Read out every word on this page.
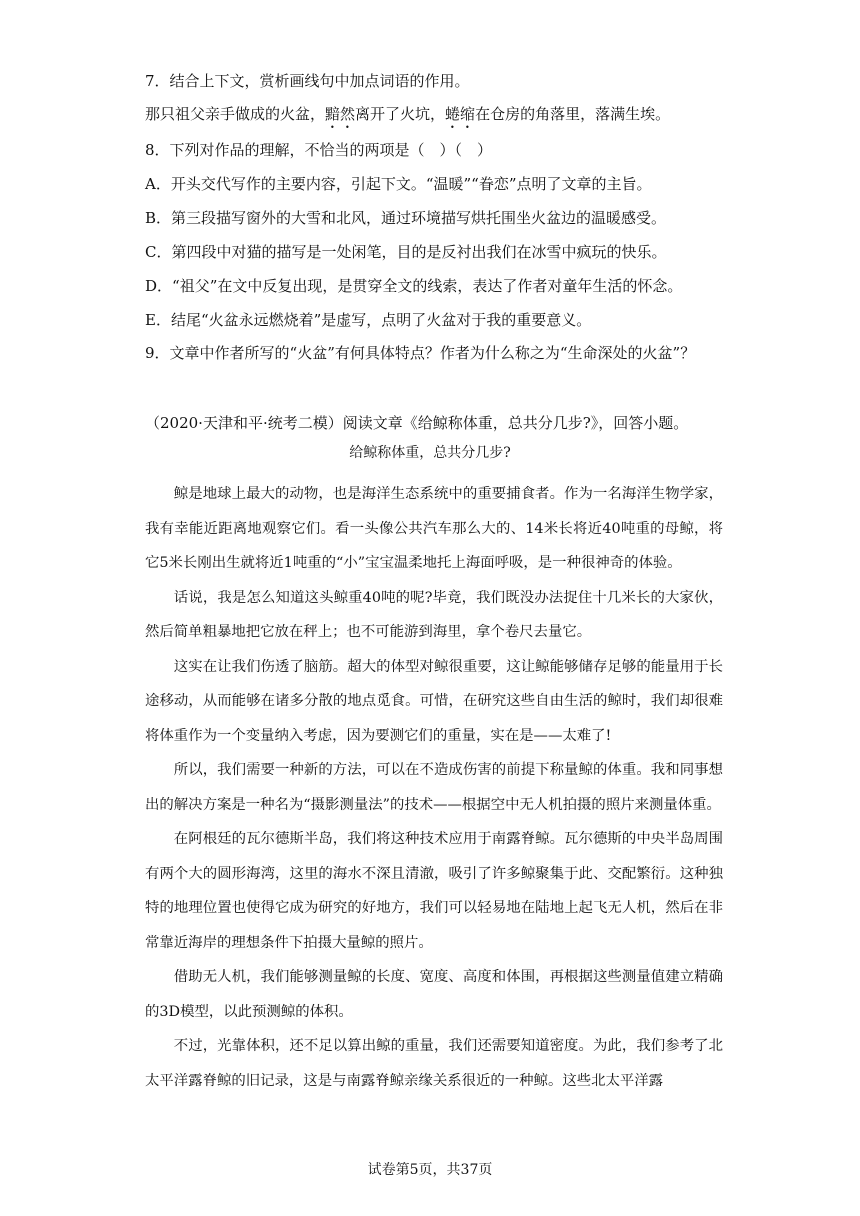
7．结合上下文，赏析画线句中加点词语的作用。
那只祖父亲手做成的火盆，黯然离开了火坑，蜷缩在仓房的角落里，落满生埃。
8．下列对作品的理解，不恰当的两项是（　）（　）
A．开头交代写作的主要内容，引起下文。“温暖”“眷恋”点明了文章的主旨。
B．第三段描写窗外的大雪和北风，通过环境描写烘托围坐火盆边的温暖感受。
C．第四段中对猫的描写是一处闲笔，目的是反衬出我们在冰雪中疯玩的快乐。
D．“祖父”在文中反复出现，是贯穿全文的线索，表达了作者对童年生活的怀念。
E．结尾“火盆永远燃烧着”是虚写，点明了火盆对于我的重要意义。
9．文章中作者所写的“火盆”有何具体特点？作者为什么称之为“生命深处的火盆”？
（2020·天津和平·统考二模）阅读文章《给鲸称体重，总共分几步?》，回答小题。
给鲸称体重，总共分几步?

鲸是地球上最大的动物，也是海洋生态系统中的重要捕食者。作为一名海洋生物学家，我有幸能近距离地观察它们。看一头像公共汽车那么大的、14米长将近40吨重的母鲸，将它5米长刚出生就将近1吨重的“小”宝宝温柔地托上海面呼吸，是一种很神奇的体验。

话说，我是怎么知道这头鲸重40吨的呢?毕竟，我们既没办法捉住十几米长的大家伙，然后简单粗暴地把它放在秤上；也不可能游到海里，拿个卷尺去量它。

这实在让我们伤透了脑筋。超大的体型对鲸很重要，这让鲸能够储存足够的能量用于长途移动，从而能够在诸多分散的地点觅食。可惜，在研究这些自由生活的鲸时，我们却很难将体重作为一个变量纳入考虑，因为要测它们的重量，实在是——太难了!

所以，我们需要一种新的方法，可以在不造成伤害的前提下称量鲸的体重。我和同事想出的解决方案是一种名为“摄影测量法”的技术——根据空中无人机拍摄的照片来测量体重。

在阿根廷的瓦尔德斯半岛，我们将这种技术应用于南露脊鲸。瓦尔德斯的中央半岛周围有两个大的圆形海湾，这里的海水不深且清澈，吸引了许多鲸聚集于此、交配繁衍。这种独特的地理位置也使得它成为研究的好地方，我们可以轻易地在陆地上起飞无人机，然后在非常靠近海岸的理想条件下拍摄大量鲸的照片。

借助无人机，我们能够测量鲸的长度、宽度、高度和体围，再根据这些测量值建立精确的3D模型，以此预测鲸的体积。

不过，光靠体积，还不足以算出鲸的重量，我们还需要知道密度。为此，我们参考了北太平洋露脊鲸的旧记录，这是与南露脊鲸亲缘关系很近的一种鲸。这些北太平洋露

试卷第5页，共37页
